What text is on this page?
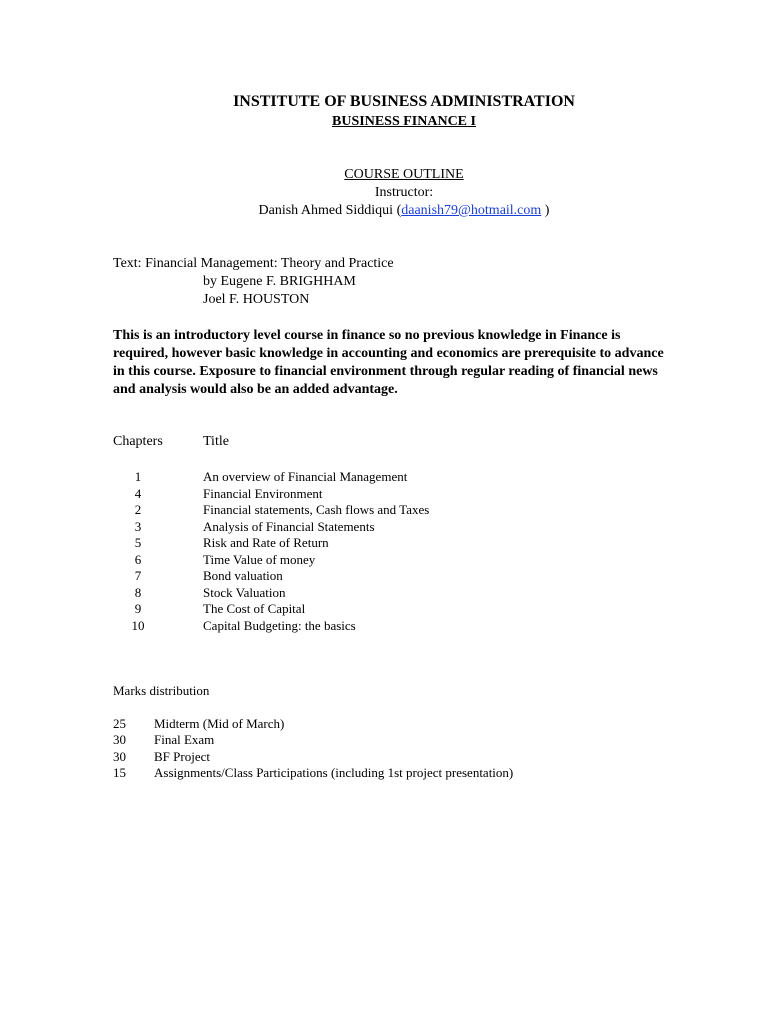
INSTITUTE OF BUSINESS ADMINISTRATION
BUSINESS FINANCE I
COURSE OUTLINE
Instructor:
Danish Ahmed Siddiqui (daanish79@hotmail.com )
Text: Financial Management: Theory and Practice
by Eugene F. BRIGHHAM
Joel F. HOUSTON
This is an introductory level course in finance so no previous knowledge in Finance is required, however basic knowledge in accounting and economics are prerequisite to advance in this course. Exposure to financial environment through regular reading of financial news and analysis would also be an added advantage.
Chapters	Title
1	An overview of Financial Management
4	Financial Environment
2	Financial statements, Cash flows and Taxes
3	Analysis of Financial Statements
5	Risk and Rate of Return
6	Time Value of money
7	Bond valuation
8	Stock Valuation
9	The Cost of Capital
10	Capital Budgeting: the basics
Marks distribution
25 Midterm (Mid of March)
30 Final Exam
30 BF Project
15 Assignments/Class Participations (including 1st project presentation)
